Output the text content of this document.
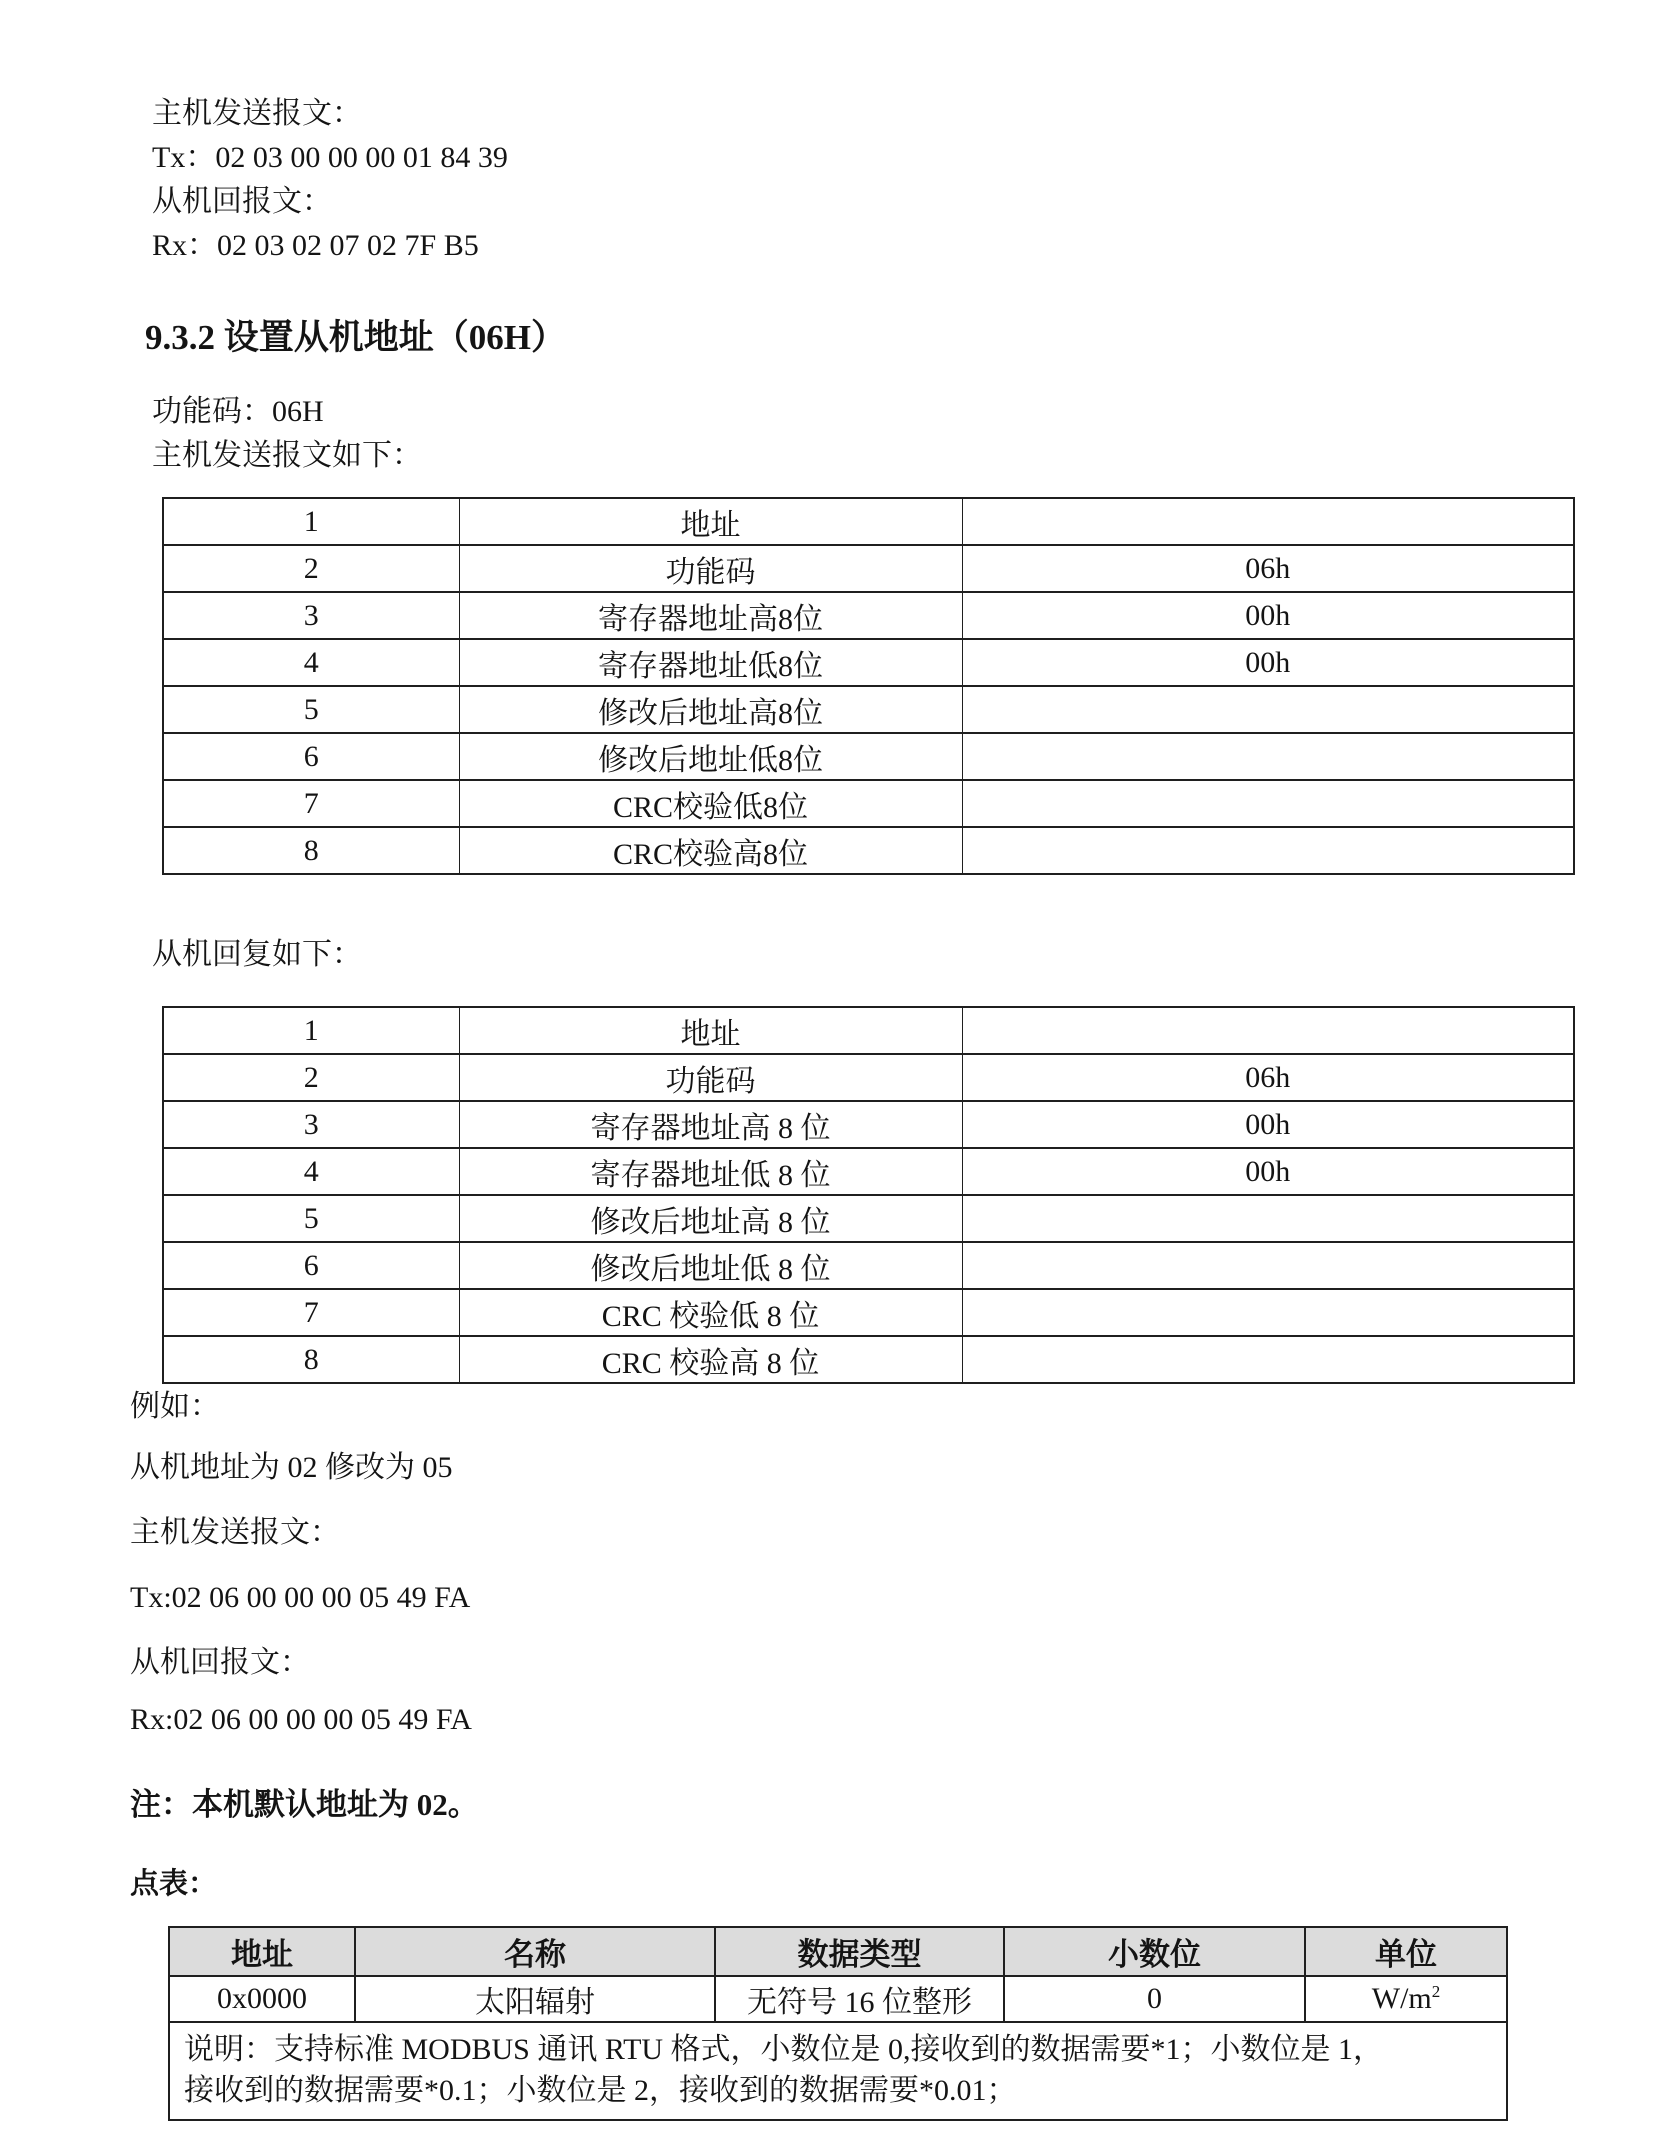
主机发送报文：
Tx：02 03 00 00 00 01 84 39
从机回报文：
Rx：02 03 02 07 02 7F B5
9.3.2 设置从机地址（06H）
功能码：06H
主机发送报文如下：
1	地址	
2	功能码	06h
3	寄存器地址高8位	00h
4	寄存器地址低8位	00h
5	修改后地址高8位	
6	修改后地址低8位	
7	CRC校验低8位	
8	CRC校验高8位	
从机回复如下：
1	地址	
2	功能码	06h
3	寄存器地址高 8 位	00h
4	寄存器地址低 8 位	00h
5	修改后地址高 8 位	
6	修改后地址低 8 位	
7	CRC 校验低 8 位	
8	CRC 校验高 8 位	
例如：
从机地址为 02 修改为 05
主机发送报文：
Tx:02 06 00 00 00 05 49 FA
从机回报文：
Rx:02 06 00 00 00 05 49 FA
注：本机默认地址为 02。
点表：
地址	名称	数据类型	小数位	单位
0x0000	太阳辐射	无符号 16 位整形	0	$W/m^2$

说明：支持标准 MODBUS 通讯 RTU 格式，小数位是 0,接收到的数据需要*1；小数位是 1，
接收到的数据需要*0.1；小数位是 2，接收到的数据需要*0.01；				
